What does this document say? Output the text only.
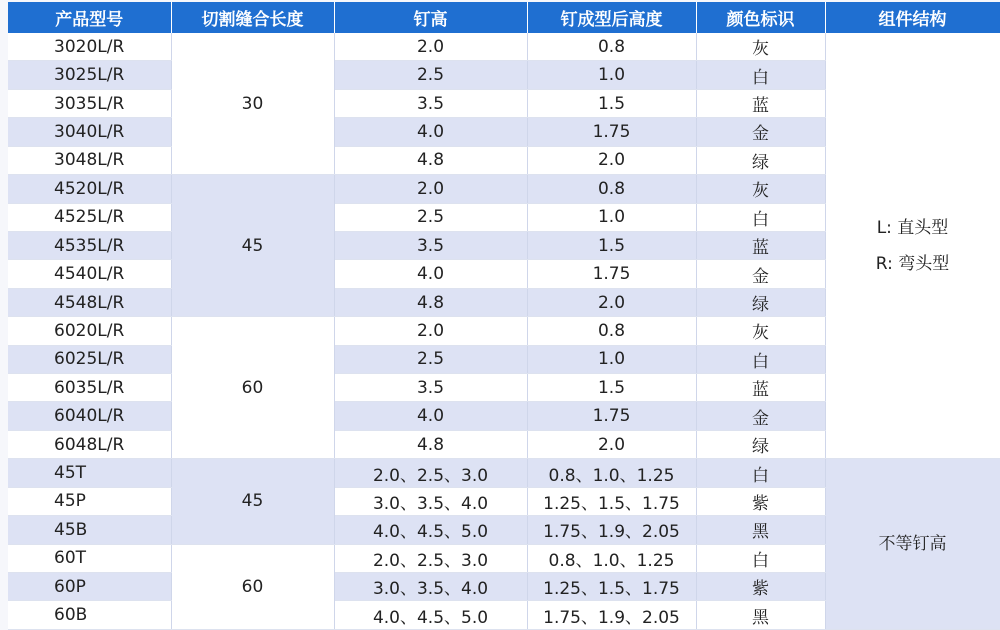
产品型号	切割缝合长度	钉高	钉成型后高度	颜色标识	组件结构
3020L/R	30	2.0	0.8	灰	L: 直头型
R: 弯头型

3025L/R		2.5	1.0	白	
3035L/R		3.5	1.5	蓝	
3040L/R		4.0	1.75	金	
3048L/R		4.8	2.0	绿	
4520L/R	45	2.0	0.8	灰	
4525L/R		2.5	1.0	白	
4535L/R		3.5	1.5	蓝	
4540L/R		4.0	1.75	金	
4548L/R		4.8	2.0	绿	
6020L/R	60	2.0	0.8	灰	
6025L/R		2.5	1.0	白	
6035L/R		3.5	1.5	蓝	
6040L/R		4.0	1.75	金	
6048L/R		4.8	2.0	绿	
45T	45	2.0、2.5、3.0	0.8、1.0、1.25	白	不等钉高
45P		3.0、3.5、4.0	1.25、1.5、1.75	紫	
45B		4.0、4.5、5.0	1.75、1.9、2.05	黑	
60T	60	2.0、2.5、3.0	0.8、1.0、1.25	白	
60P		3.0、3.5、4.0	1.25、1.5、1.75	紫	
60B		4.0、4.5、5.0	1.75、1.9、2.05	黑	
